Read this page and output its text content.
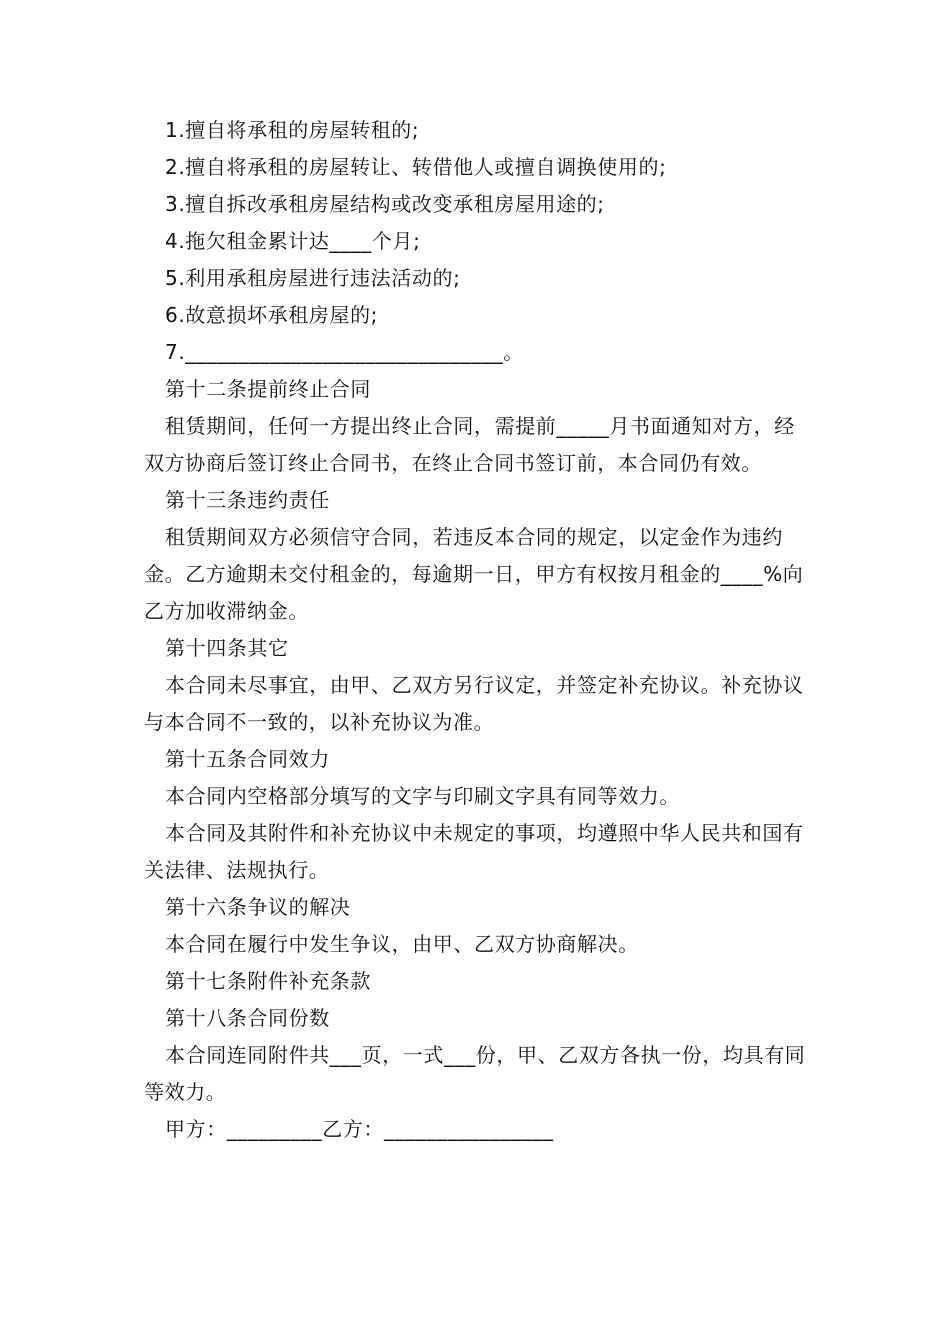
1.擅自将承租的房屋转租的;

2.擅自将承租的房屋转让、转借他人或擅自调换使用的;

3.擅自拆改承租房屋结构或改变承租房屋用途的;

4.拖欠租金累计达____个月;

5.利用承租房屋进行违法活动的;

6.故意损坏承租房屋的;

7.______________________________。

第十二条提前终止合同

租赁期间，任何一方提出终止合同，需提前_____月书面通知对方，经双方协商后签订终止合同书，在终止合同书签订前，本合同仍有效。

第十三条违约责任

租赁期间双方必须信守合同，若违反本合同的规定，以定金作为违约金。乙方逾期未交付租金的，每逾期一日，甲方有权按月租金的____%向乙方加收滞纳金。

第十四条其它

本合同未尽事宜，由甲、乙双方另行议定，并签定补充协议。补充协议与本合同不一致的，以补充协议为准。

第十五条合同效力

本合同内空格部分填写的文字与印刷文字具有同等效力。

本合同及其附件和补充协议中未规定的事项，均遵照中华人民共和国有关法律、法规执行。

第十六条争议的解决

本合同在履行中发生争议，由甲、乙双方协商解决。

第十七条附件补充条款

第十八条合同份数

本合同连同附件共___页，一式___份，甲、乙双方各执一份，均具有同等效力。

甲方：_________乙方：________________
